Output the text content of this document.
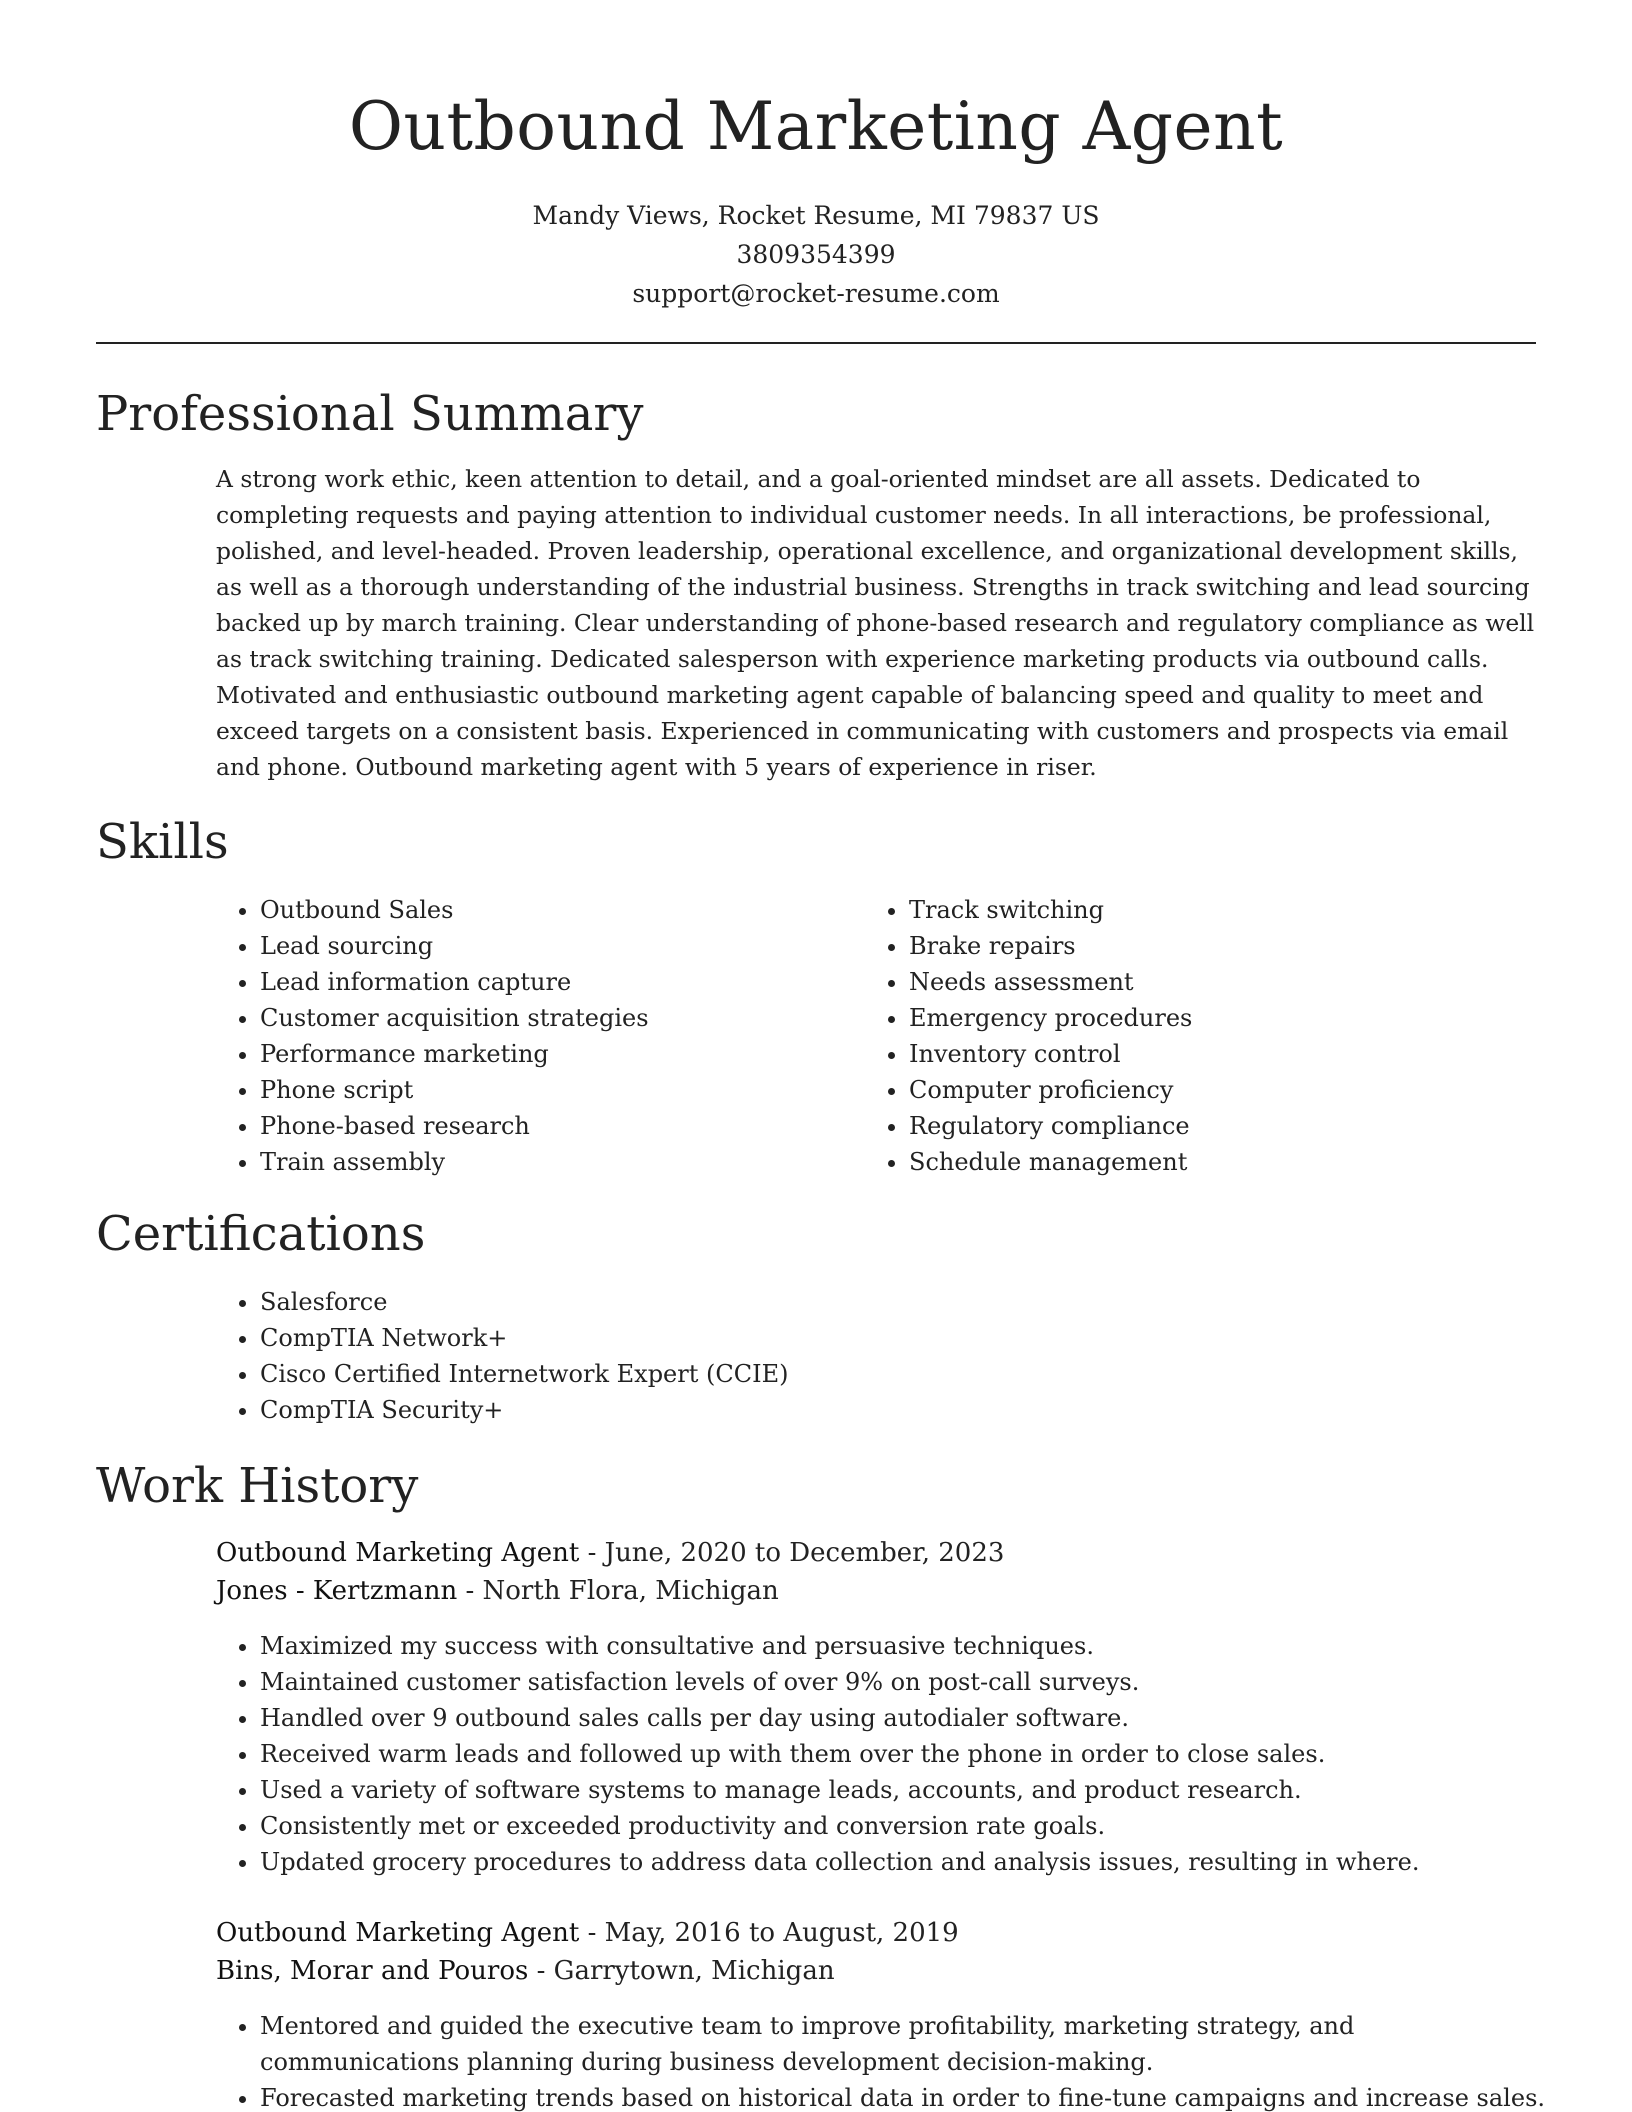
Outbound Marketing Agent
Mandy Views, Rocket Resume, MI 79837 US
3809354399
support@rocket-resume.com
Professional Summary

A strong work ethic, keen attention to detail, and a goal-oriented mindset are all assets. Dedicated to completing requests and paying attention to individual customer needs. In all interactions, be professional, polished, and level-headed. Proven leadership, operational excellence, and organizational development skills, as well as a thorough understanding of the industrial business. Strengths in track switching and lead sourcing backed up by march training. Clear understanding of phone-based research and regulatory compliance as well as track switching training. Dedicated salesperson with experience marketing products via outbound calls. Motivated and enthusiastic outbound marketing agent capable of balancing speed and quality to meet and exceed targets on a consistent basis. Experienced in communicating with customers and prospects via email and phone. Outbound marketing agent with 5 years of experience in riser.

Skills
• Outbound Sales
• Lead sourcing
• Lead information capture
• Customer acquisition strategies
• Performance marketing
• Phone script
• Phone-based research
• Train assembly
• Track switching
• Brake repairs
• Needs assessment
• Emergency procedures
• Inventory control
• Computer proficiency
• Regulatory compliance
• Schedule management
Certifications
• Salesforce
• CompTIA Network+
• Cisco Certified Internetwork Expert (CCIE)
• CompTIA Security+
Work History
Outbound Marketing Agent - June, 2020 to December, 2023
Jones - Kertzmann - North Flora, Michigan
• Maximized my success with consultative and persuasive techniques.
• Maintained customer satisfaction levels of over 9% on post-call surveys.
• Handled over 9 outbound sales calls per day using autodialer software.
• Received warm leads and followed up with them over the phone in order to close sales.
• Used a variety of software systems to manage leads, accounts, and product research.
• Consistently met or exceeded productivity and conversion rate goals.
• Updated grocery procedures to address data collection and analysis issues, resulting in where.
Outbound Marketing Agent - May, 2016 to August, 2019
Bins, Morar and Pouros - Garrytown, Michigan
• Mentored and guided the executive team to improve profitability, marketing strategy, and communications planning during business development decision-making.
• Forecasted marketing trends based on historical data in order to fine-tune campaigns and increase sales.
